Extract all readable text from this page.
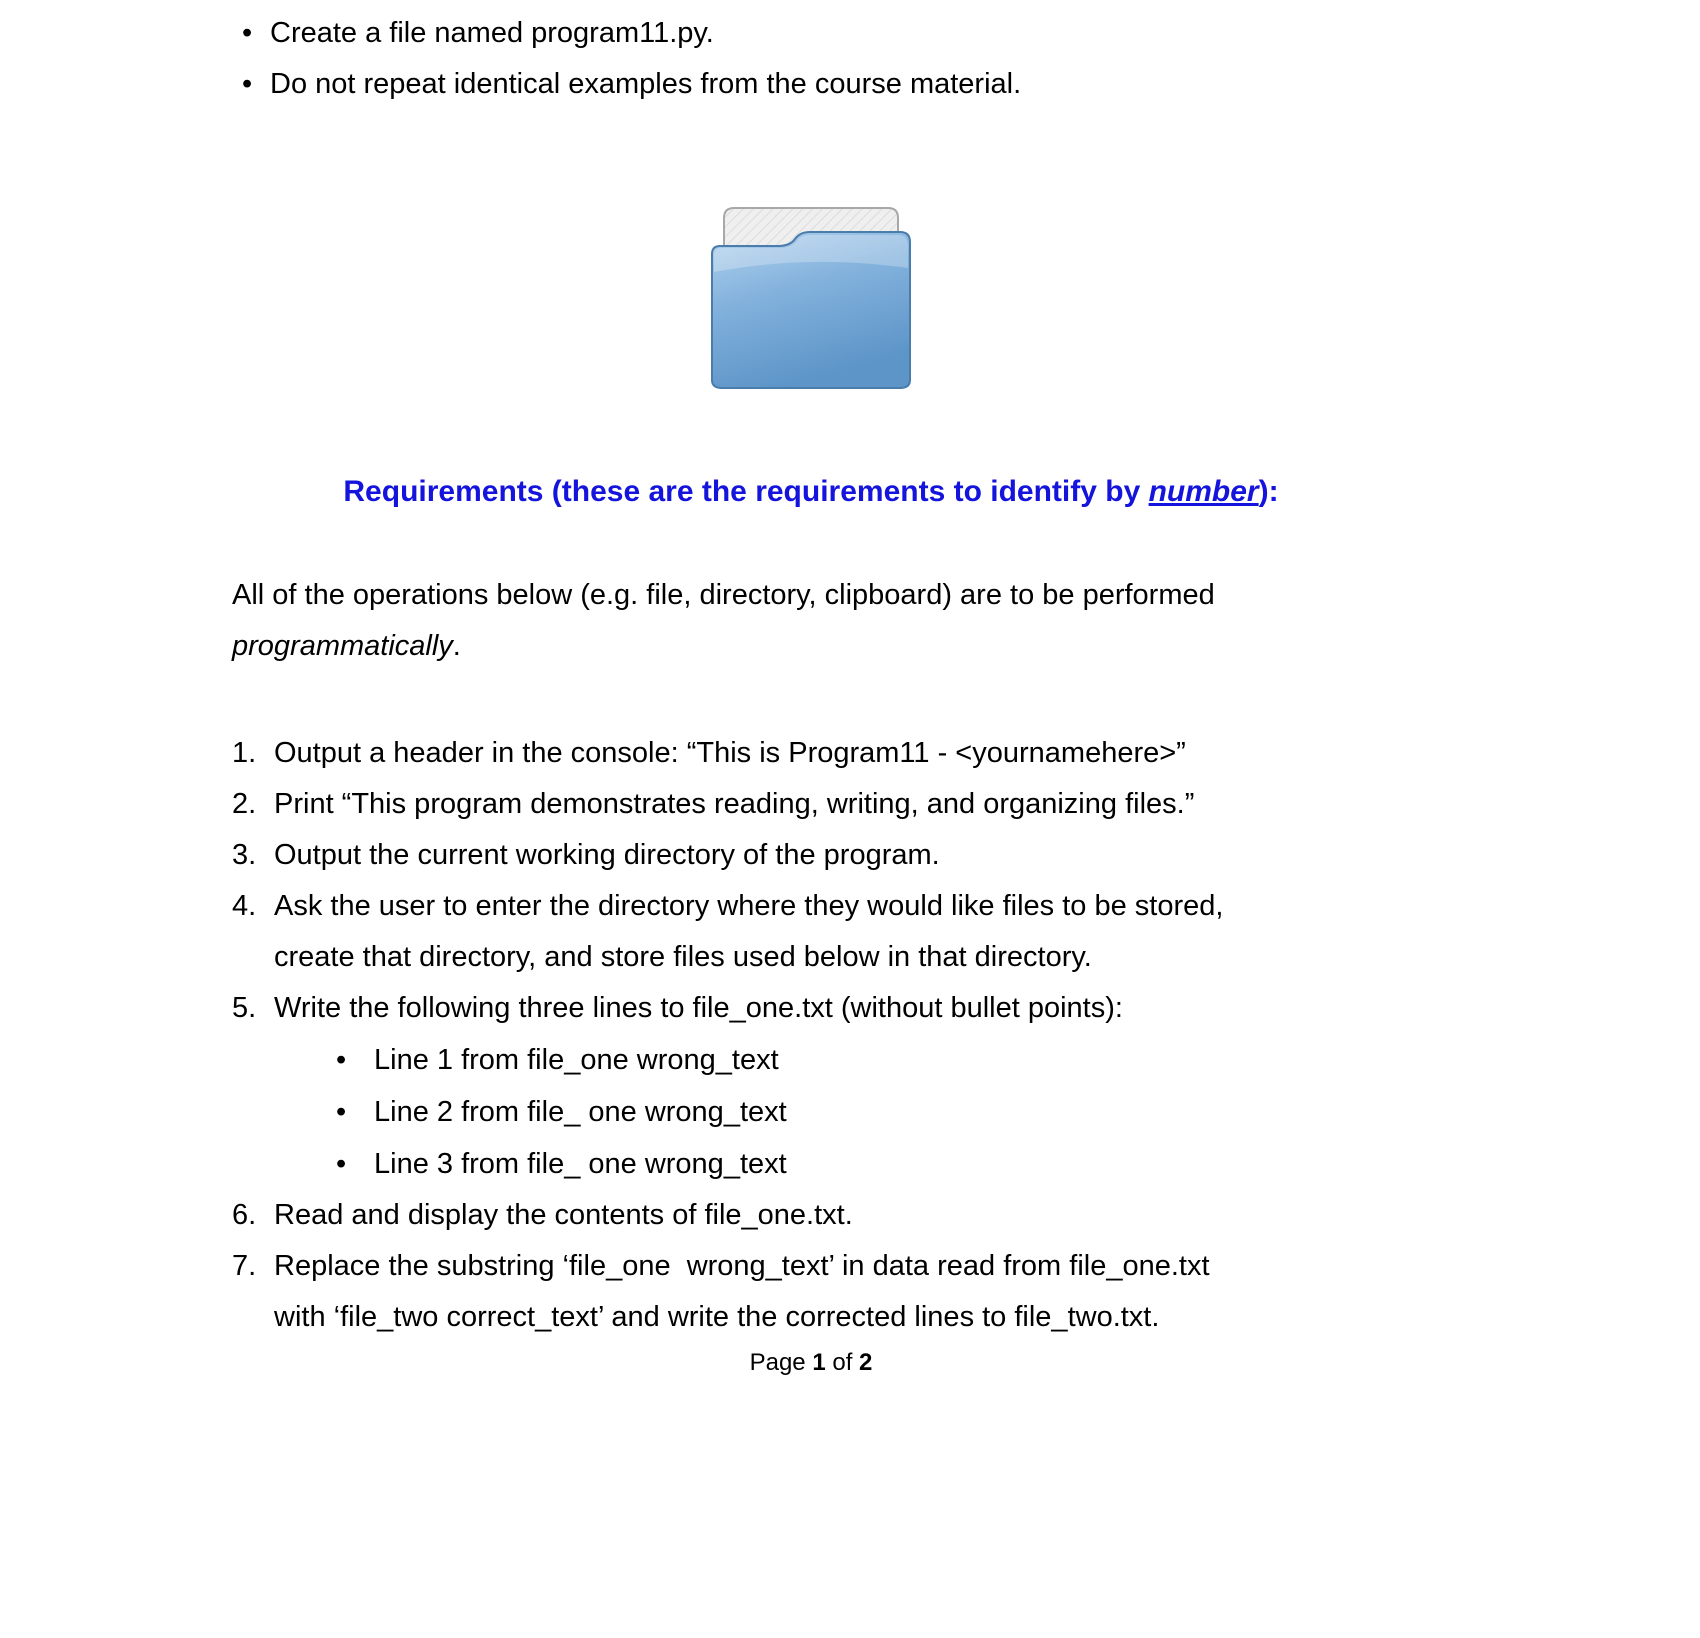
• Create a file named program11.py.
• Do not repeat identical examples from the course material.
Requirements (these are the requirements to identify by number):

All of the operations below (e.g. file, directory, clipboard) are to be performed programmatically.

1. Output a header in the console: “This is Program11 - <yournamehere>”
2. Print “This program demonstrates reading, writing, and organizing files.”
3. Output the current working directory of the program.
4. Ask the user to enter the directory where they would like files to be stored,
create that directory, and store files used below in that directory.
5. Write the following three lines to file_one.txt (without bullet points):
• Line 1 from file_one wrong_text
• Line 2 from file_ one wrong_text
• Line 3 from file_ one wrong_text
6. Read and display the contents of file_one.txt.
7. Replace the substring ‘file_one  wrong_text’ in data read from file_one.txt
with ‘file_two correct_text’ and write the corrected lines to file_two.txt.
Page 1 of 2
